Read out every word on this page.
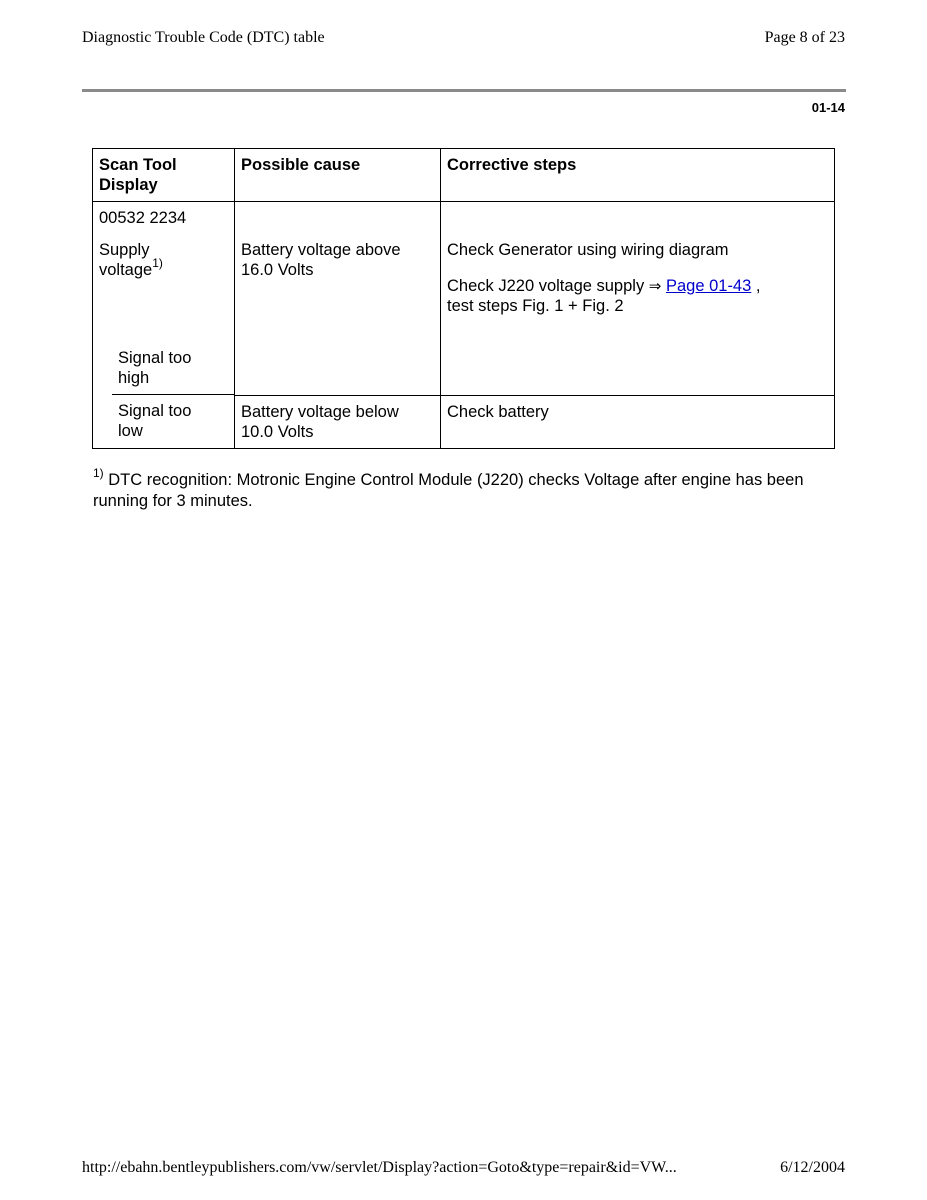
Diagnostic Trouble Code (DTC) table	Page 8 of 23
01-14
Scan Tool
Display	Possible cause	Corrective steps

00532 2234
Supply
voltage$^{1)}$
Signal too
high	Battery voltage above
16.0 Volts	Check Generator using wiring diagram
Check J220 voltage supply ⇒ Page 01-43 ,
test steps Fig. 1 + Fig. 2

Signal too
low	Battery voltage below
10.0 Volts	Check battery
$^{1)}$ DTC recognition: Motronic Engine Control Module (J220) checks Voltage after engine has been running for 3 minutes.
http://ebahn.bentleypublishers.com/vw/servlet/Display?action=Goto&type=repair&id=VW...	6/12/2004
